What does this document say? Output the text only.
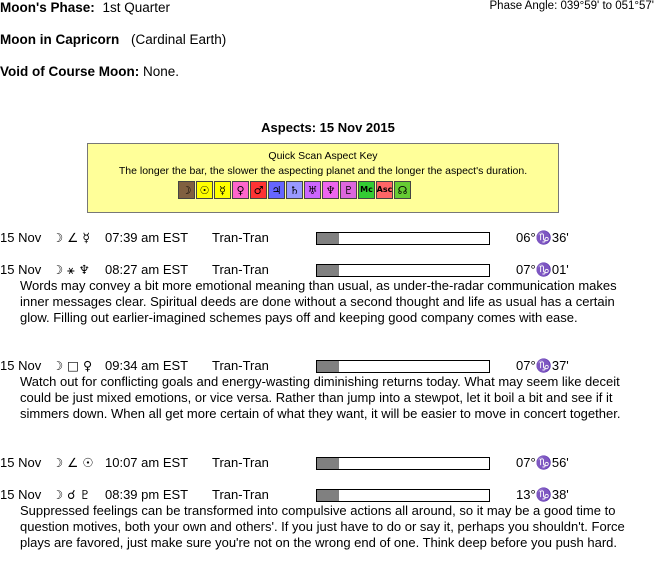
Moon's Phase: 1st Quarter	Phase Angle: 039°59' to 051°57'
Moon in Capricorn (Cardinal Earth)
Void of Course Moon: None.
Aspects: 15 Nov 2015
Quick Scan Aspect Key
The longer the bar, the slower the aspecting planet and the longer the aspect's duration.
☽ ☉ ☿ ♀ ♂ ♃ ♄ ♅ ♆ ♇ Mc Asc ☊
15 Nov ☽ ∠ ☿ 07:39 am EST Tran-Tran	06°♑36'
15 Nov ☽ ⚹ ♆ 08:27 am EST Tran-Tran	07°♑01'
Words may convey a bit more emotional meaning than usual, as under-the-radar communication makes inner messages clear. Spiritual deeds are done without a second thought and life as usual has a certain glow. Filling out earlier-imagined schemes pays off and keeping good company comes with ease.
15 Nov ☽ □ ♀ 09:34 am EST Tran-Tran	07°♑37'
Watch out for conflicting goals and energy-wasting diminishing returns today. What may seem like deceit could be just mixed emotions, or vice versa. Rather than jump into a stewpot, let it boil a bit and see if it simmers down. When all get more certain of what they want, it will be easier to move in concert together.
15 Nov ☽ ∠ ☉ 10:07 am EST Tran-Tran	07°♑56'
15 Nov ☽ ☌ ♇ 08:39 pm EST Tran-Tran	13°♑38'
Suppressed feelings can be transformed into compulsive actions all around, so it may be a good time to question motives, both your own and others'. If you just have to do or say it, perhaps you shouldn't. Force plays are favored, just make sure you're not on the wrong end of one. Think deep before you push hard.
